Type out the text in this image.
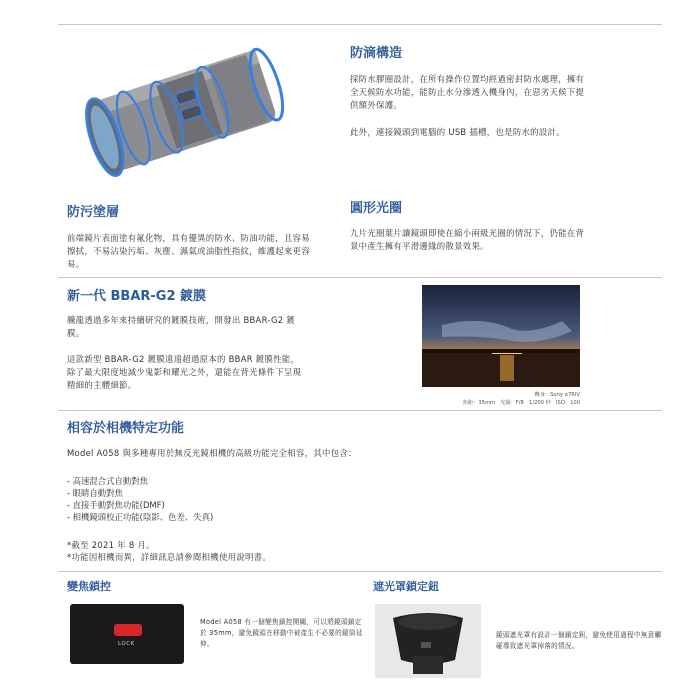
防滴構造

採防水膠圈設計，在所有操作位置均經過密封防水處理，擁有全天候防水功能，能防止水分滲透入機身內，在惡劣天候下提供額外保護。

此外，連接鏡頭到電腦的 USB 插槽，也是防水的設計。

防污塗層

前端鏡片表面塗有氟化物，具有優異的防水、防油功能，且容易擦拭，不易沾染污垢、灰塵、濕氣或油脂性指紋，維護起來更容易。

圓形光圈

九片光圈葉片讓鏡頭即使在縮小兩級光圈的情況下，仍能在背景中產生擁有平滑邊緣的散景效果。

新一代 BBAR-G2 鍍膜

騰龍透過多年來持續研究的鍍膜技術，開發出 BBAR-G2 鍍膜。

這款新型 BBAR-G2 鍍膜遠遠超過原本的 BBAR 鍍膜性能，除了最大限度地減少鬼影和耀光之外，還能在背光條件下呈現精細的主體細節。

機身：Sony α7RIV
焦距：35mm　光圈：F/8　1/200 秒　ISO：100
相容於相機特定功能

Model A058 與多種專用於無反光鏡相機的高級功能完全相容，其中包含：

- 高速混合式自動對焦
- 眼睛自動對焦
- 直接手動對焦功能(DMF)
- 相機鏡頭校正功能(陰影、色差、失真)

*截至 2021 年 8 月。

*功能因相機而異，詳細訊息請參閱相機使用說明書。

變焦鎖控	遮光罩鎖定鈕
LOCK

Model A058 有一個變焦鎖控開關，可以將鏡頭鎖定於 35mm，避免鏡頭在移動中被產生不必要的鏡筒延伸。

鏡頭遮光罩有設計一個鎖定鈕，避免使用過程中無意觸碰導致遮光罩掉落的情況。
